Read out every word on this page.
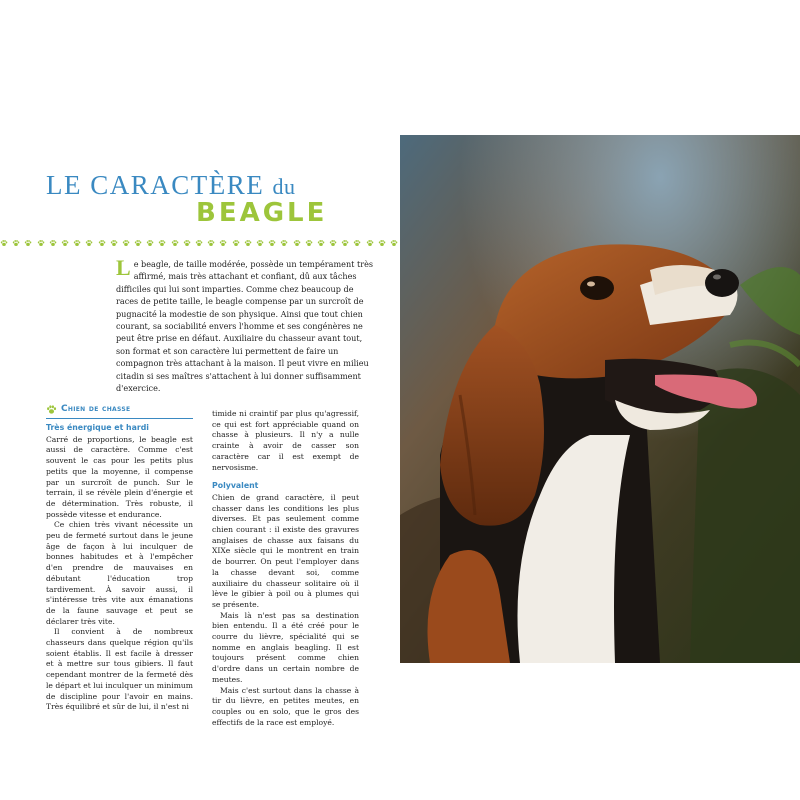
LE CARACTÈRE du
BEAGLE
L e beagle, de taille modérée, possède un tempérament très affirmé, mais très attachant et confiant, dû aux tâches difficiles qui lui sont imparties. Comme chez beaucoup de races de petite taille, le beagle compense par un surcroît de pugnacité la modestie de son physique. Ainsi que tout chien courant, sa sociabilité envers l'homme et ses congénères ne peut être prise en défaut. Auxiliaire du chasseur avant tout, son format et son caractère lui permettent de faire un compagnon très attachant à la maison. Il peut vivre en milieu citadin si ses maîtres s'attachent à lui donner suffisamment d'exercice.
Chien de chasse
Très énergique et hardi

Carré de proportions, le beagle est aussi de caractère. Comme c'est souvent le cas pour les petits plus petits que la moyenne, il compense par un surcroît de punch. Sur le terrain, il se révèle plein d'énergie et de détermination. Très robuste, il possède vitesse et endurance.

Ce chien très vivant nécessite un peu de fermeté surtout dans le jeune âge de façon à lui inculquer de bonnes habitudes et à l'empêcher d'en prendre de mauvaises en débutant l'éducation trop tardivement. À savoir aussi, il s'intéresse très vite aux émanations de la faune sauvage et peut se déclarer très vite.

Il convient à de nombreux chasseurs dans quelque région qu'ils soient établis. Il est facile à dresser et à mettre sur tous gibiers. Il faut cependant montrer de la fermeté dès le départ et lui inculquer un minimum de discipline pour l'avoir en mains. Très équilibré et sûr de lui, il n'est ni

timide ni craintif par plus qu'agressif, ce qui est fort appréciable quand on chasse à plusieurs. Il n'y a nulle crainte à avoir de casser son caractère car il est exempt de nervosisme.

Polyvalent

Chien de grand caractère, il peut chasser dans les conditions les plus diverses. Et pas seulement comme chien courant : il existe des gravures anglaises de chasse aux faisans du XIXe siècle qui le montrent en train de bourrer. On peut l'employer dans la chasse devant soi, comme auxiliaire du chasseur solitaire où il lève le gibier à poil ou à plumes qui se présente.

Mais là n'est pas sa destination bien entendu. Il a été créé pour le courre du lièvre, spécialité qui se nomme en anglais beagling. Il est toujours présent comme chien d'ordre dans un certain nombre de meutes.

Mais c'est surtout dans la chasse à tir du lièvre, en petites meutes, en couples ou en solo, que le gros des effectifs de la race est employé.
